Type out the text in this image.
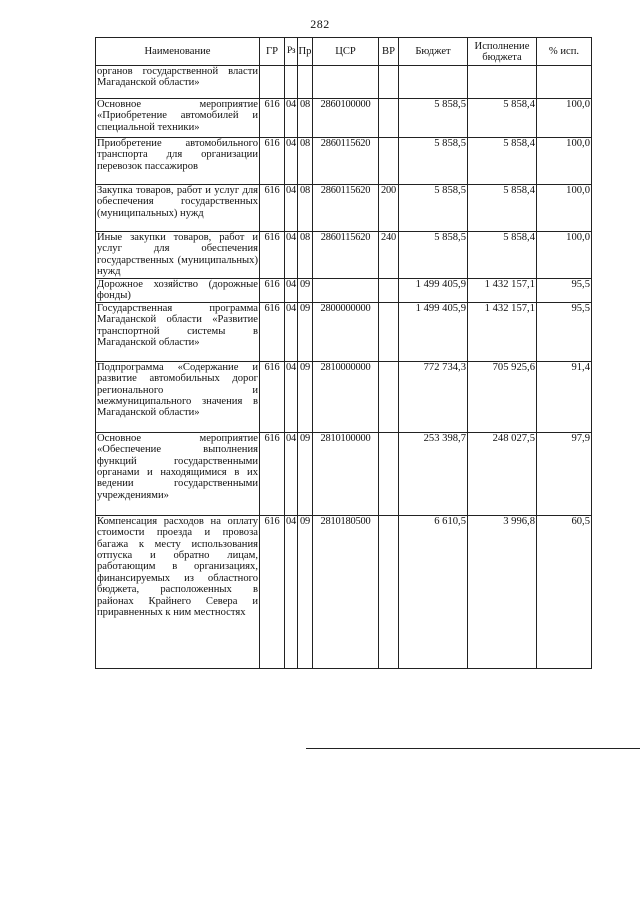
282
Наименование	ГР	Рз	Пр	ЦСР	ВР	Бюджет	Исполнение бюджета	% исп.
органов государственной власти Магаданской области»								
Основное мероприятие «Приобретение автомобилей и специальной техники»	616	04	08	2860100000		5 858,5	5 858,4	100,0
Приобретение автомобильного транспорта для организации перевозок пассажиров	616	04	08	2860115620		5 858,5	5 858,4	100,0
Закупка товаров, работ и услуг для обеспечения государственных (муниципальных) нужд	616	04	08	2860115620	200	5 858,5	5 858,4	100,0
Иные закупки товаров, работ и услуг для обеспечения государственных (муниципальных) нужд	616	04	08	2860115620	240	5 858,5	5 858,4	100,0
Дорожное хозяйство (дорожные фонды)	616	04	09			1 499 405,9	1 432 157,1	95,5
Государственная программа Магаданской области «Развитие транспортной системы в Магаданской области»	616	04	09	2800000000		1 499 405,9	1 432 157,1	95,5
Подпрограмма «Содержание и развитие автомобильных дорог регионального и межмуниципального значения в Магаданской области»	616	04	09	2810000000		772 734,3	705 925,6	91,4
Основное мероприятие «Обеспечение выполнения функций государственными органами и находящимися в их ведении государственными учреждениями»	616	04	09	2810100000		253 398,7	248 027,5	97,9
Компенсация расходов на оплату стоимости проезда и провоза багажа к месту использования отпуска и обратно лицам, работающим в организациях, финансируемых из областного бюджета, расположенных в районах Крайнего Севера и приравненных к ним местностях	616	04	09	2810180500		6 610,5	3 996,8	60,5
